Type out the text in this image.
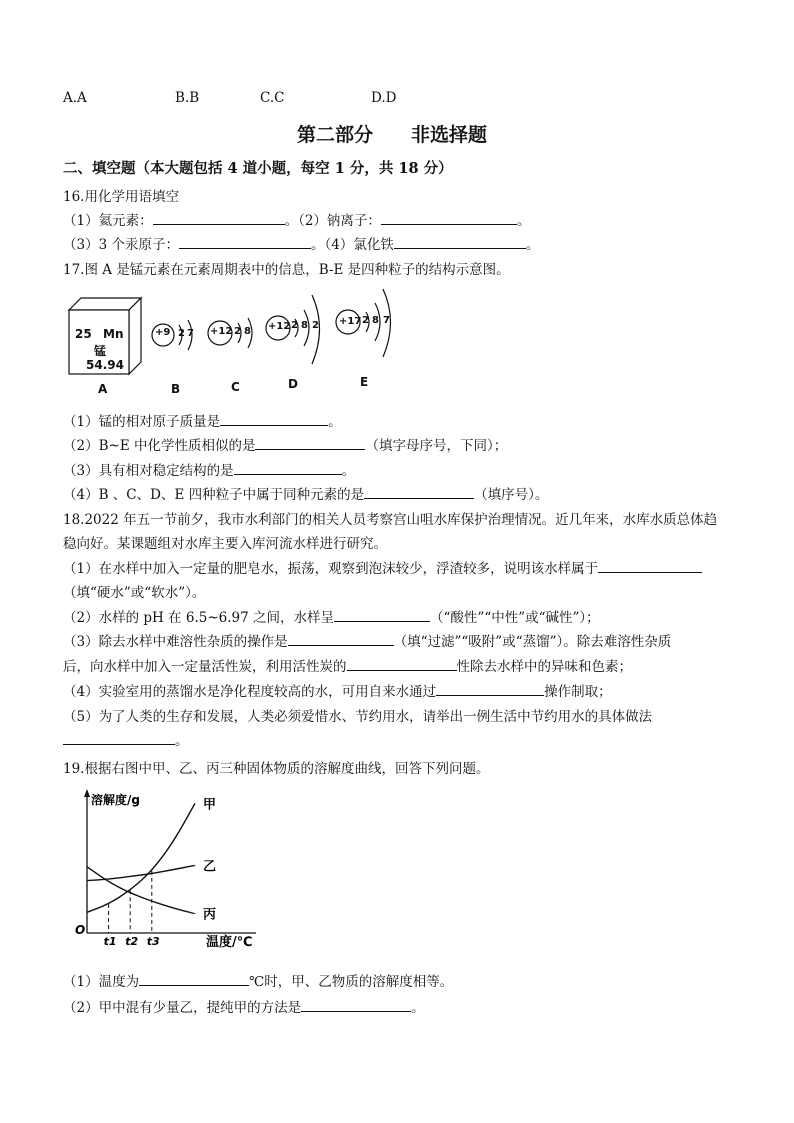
A.A	B.B	C.C	D.D
第二部分　　非选择题
二、填空题（本大题包括 4 道小题，每空 1 分，共 18 分）
16.用化学用语填空
（1）氦元素：	。（2）钠离子：	。
（3）3 个汞原子：	。（4）氯化铁	。
17.图 A 是锰元素在元素周期表中的信息，B-E 是四种粒子的结构示意图。
25 Mn
锰
54.94
+9 2 7 +12 2 8 +12 2 8 2 +17 2 8 7
A	B	C	D	E
（1）锰的相对原子质量是	。
（2）B~E 中化学性质相似的是	（填字母序号，下同）；
（3）具有相对稳定结构的是	。
（4）B 、C、D、E 四种粒子中属于同种元素的是	（填序号）。
18.2022 年五一节前夕，我市水利部门的相关人员考察宫山咀水库保护治理情况。近几年来，水库水质总体趋
稳向好。某课题组对水库主要入库河流水样进行研究。
（1）在水样中加入一定量的肥皂水，振荡，观察到泡沫较少，浮渣较多，说明该水样属于
（填“硬水”或“软水”）。
（2）水样的 pH 在 6.5~6.97 之间，水样呈	（“酸性”“中性”或“碱性”）；
（3）除去水样中难溶性杂质的操作是	（填“过滤”“吸附”或“蒸馏”）。除去难溶性杂质
后，向水样中加入一定量活性炭，利用活性炭的	性除去水样中的异味和色素；
（4）实验室用的蒸馏水是净化程度较高的水，可用自来水通过	操作制取；
（5）为了人类的生存和发展，人类必须爱惜水、节约用水，请举出一例生活中节约用水的具体做法
。
19.根据右图中甲、乙、丙三种固体物质的溶解度曲线，回答下列问题。
溶解度/g
温度/℃
O
甲
乙
丙
t1 t2 t3
（1）温度为	℃时，甲、乙物质的溶解度相等。
（2）甲中混有少量乙，提纯甲的方法是	。
